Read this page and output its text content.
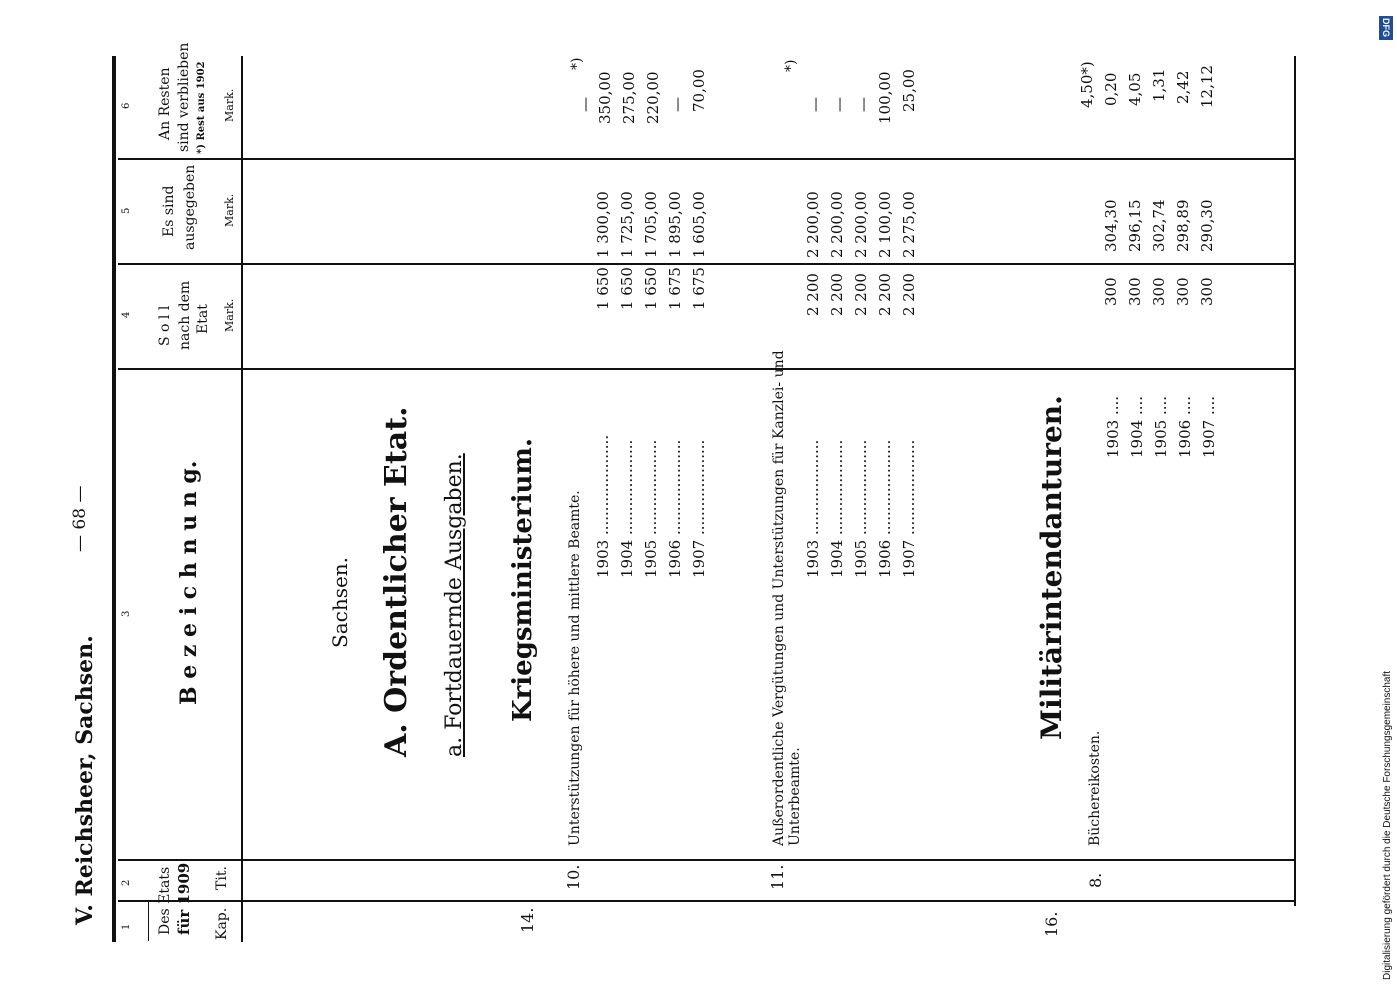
V. Reichsheer, Sachsen.
— 68 —
1
2
3
4
5
6
Des Etats für 1909 Kap.
Tit.
B e z e i c h n u n g.
S o l l nach dem Etat Mark.
Es sind ausgegeben Mark.
An Resten sind verblieben *) Rest aus 1902 Mark.
Sachsen. A. Ordentlicher Etat. a. Fortdauernde Ausgaben. Kriegsministerium.	Militärintendanturen.
14.	16.
10.
Unterstützungen für höhere und mittlere Beamte.
*)
1903 .....................
1904 ....................
1905 ....................
1906 ....................
1907 ....................
1 650 1 650 1 650 1 675 1 675
1 300,00 1 725,00 1 705,00 1 895,00 1 605,00
— 350,00 275,00 220,00 — 70,00
11.
Außerordentliche Vergütungen und Unterstützungen für Kanzlei- und Unterbeamte.
*)
1903 ....................
1904 ....................
1905 ....................
1906 ....................
1907 ....................
2 200 2 200 2 200 2 200 2 200
2 200,00 2 200,00 2 200,00 2 100,00 2 275,00
— — — 100,00 25,00
8.
Büchereikosten.
1903 ....
1904 ....
1905 ....
1906 ....
1907 ....
300 300 300 300 300
304,30 296,15 302,74 298,89 290,30
4,50*) 0,20 4,05 1,31 2,42 12,12
DFG
Digitalisierung gefördert durch die Deutsche Forschungsgemeinschaft
